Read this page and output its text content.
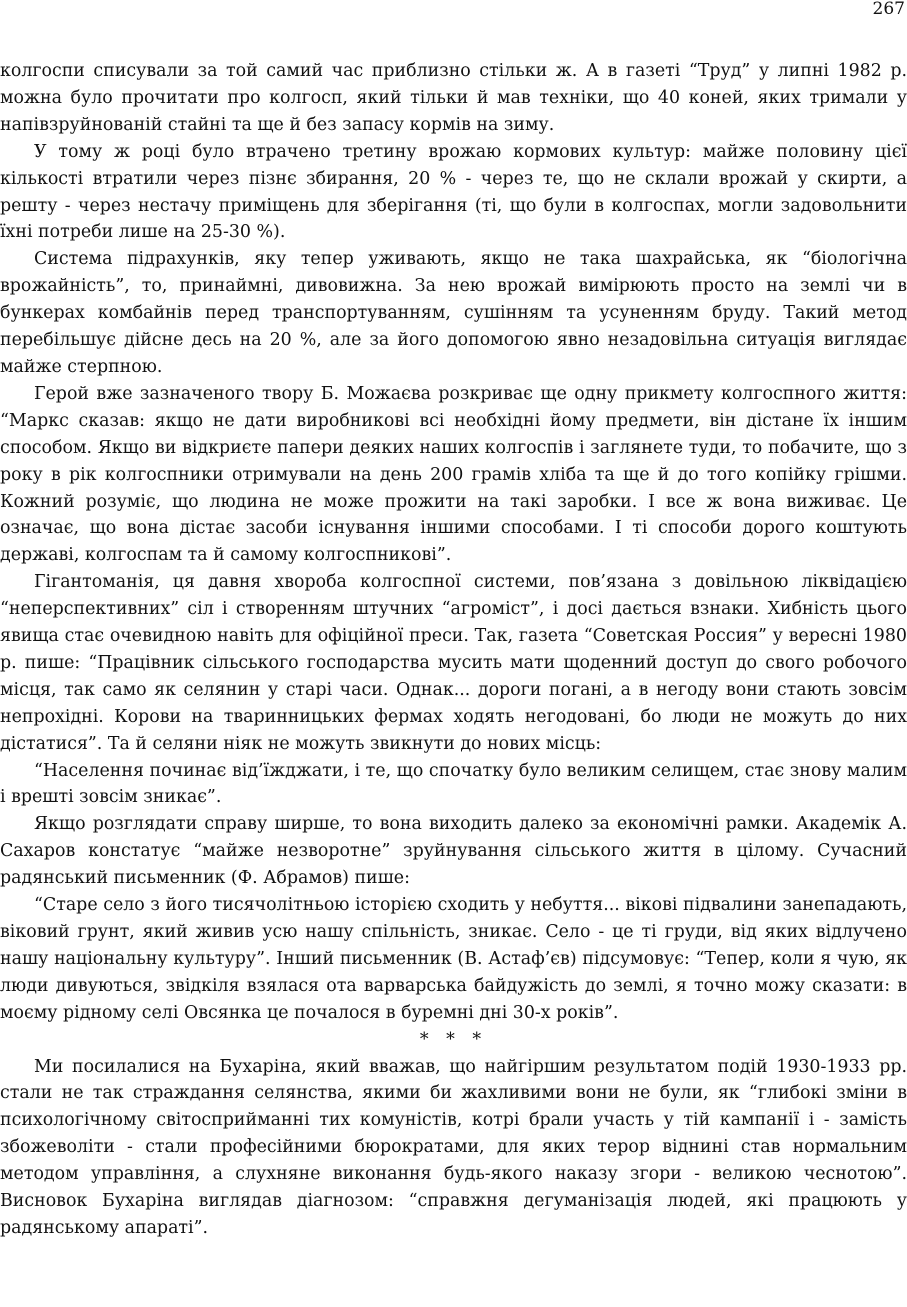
267

колгоспи списували за той самий час приблизно стільки ж. А в газеті “Труд” у липні 1982 р. можна було прочитати про колгосп, який тільки й мав техніки, що 40 коней, яких тримали у напівзруйнованій стайні та ще й без запасу кормів на зиму.

У тому ж році було втрачено третину врожаю кормових культур: майже половину цієї кількості втратили через пізнє збирання, 20 % - через те, що не склали врожай у скирти, а решту - через нестачу приміщень для зберігання (ті, що були в колгоспах, могли задовольнити їхні потреби лише на 25-30 %).

Система підрахунків, яку тепер уживають, якщо не така шахрайська, як “біологічна врожайність”, то, принаймні, дивовижна. За нею врожай вимірюють просто на землі чи в бункерах комбайнів перед транспортуванням, сушінням та усуненням бруду. Такий метод перебільшує дійсне десь на 20 %, але за його допомогою явно незадовільна ситуація виглядає майже стерпною.

Герой вже зазначеного твору Б. Можаєва розкриває ще одну прикмету колгоспного життя: “Маркс сказав: якщо не дати виробникові всі необхідні йому предмети, він дістане їх іншим способом. Якщо ви відкриєте папери деяких наших колгоспів і заглянете туди, то побачите, що з року в рік колгоспники отримували на день 200 грамів хліба та ще й до того копійку грішми. Кожний розуміє, що людина не може прожити на такі заробки. І все ж вона виживає. Це означає, що вона дістає засоби існування іншими способами. І ті способи дорого коштують державі, колгоспам та й самому колгоспникові”.

Гігантоманія, ця давня хвороба колгоспної системи, пов’язана з довільною ліквідацією “неперспективних” сіл і створенням штучних “агроміст”, і досі дається взнаки. Хибність цього явища стає очевидною навіть для офіційної преси. Так, газета “Советская Россия” у вересні 1980 р. пише: “Працівник сільського господарства мусить мати щоденний доступ до свого робочого місця, так само як селянин у старі часи. Однак... дороги погані, а в негоду вони стають зовсім непрохідні. Корови на тваринницьких фермах ходять негодовані, бо люди не можуть до них дістатися”. Та й селяни ніяк не можуть звикнути до нових місць:

“Населення починає від’їжджати, і те, що спочатку було великим селищем, стає знову малим і врешті зовсім зникає”.

Якщо розглядати справу ширше, то вона виходить далеко за економічні рамки. Академік А. Сахаров констатує “майже незворотне” зруйнування сільського життя в цілому. Сучасний радянський письменник (Ф. Абрамов) пише:

“Старе село з його тисячолітньою історією сходить у небуття... вікові підвалини занепадають, віковий грунт, який живив усю нашу спільність, зникає. Село - це ті груди, від яких відлучено нашу національну культуру”. Інший письменник (В. Астаф’єв) підсумовує: “Тепер, коли я чую, як люди дивуються, звідкіля взялася ота варварська байдужість до землі, я точно можу сказати: в моєму рідному селі Овсянка це почалося в буремні дні 30-х років”.

* * *

Ми посилалися на Бухаріна, який вважав, що найгіршим результатом подій 1930-1933 рр. стали не так страждання селянства, якими би жахливими вони не були, як “глибокі зміни в психологічному світосприйманні тих комуністів, котрі брали участь у тій кампанії і - замість збожеволіти - стали професійними бюрократами, для яких терор віднині став нормальним методом управління, а слухняне виконання будь-якого наказу згори - великою чеснотою”. Висновок Бухаріна виглядав діагнозом: “справжня дегуманізація людей, які працюють у радянському апараті”.
